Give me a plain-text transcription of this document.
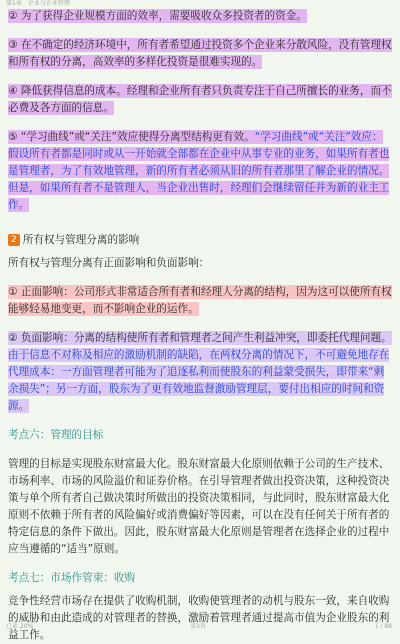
第1章　企业与企业管理

② 为了获得企业规模方面的效率，需要吸收众多投资者的资金。

③ 在不确定的经济环境中，所有者希望通过投资多个企业来分散风险，没有管理权和所有权的分离，高效率的多样化投资是很难实现的。

④ 降低获得信息的成本。经理和企业所有者只负责专注于自己所擅长的业务，而不必费及各方面的信息。

⑤ “学习曲线”或“关注”效应使得分离型结构更有效。“学习曲线”或“关注”效应：假设所有者都是同时或从一开始就全部都在企业中从事专业的业务，如果所有者也是管理者，为了有效地管理，新的所有者必须从旧的所有者那里了解企业的情况。但是，如果所有者不是管理人，当企业出售时，经理们会继续留任并为新的业主工作。

2 所有权与管理分离的影响

所有权与管理分离有正面影响和负面影响：

① 正面影响：公司形式非常适合所有者和经理人分离的结构，因为这可以使所有权能够轻易地变更，而不影响企业的运作。

② 负面影响：分离的结构使所有者和管理者之间产生利益冲突，即委托代理问题。由于信息不对称及相应的激励机制的缺陷，在两权分离的情况下，不可避免地存在代理成本：一方面管理者可能为了追逐私利而使股东的利益蒙受损失，即带来“剩余损失”；另一方面，股东为了更有效地监督激励管理层，要付出相应的时间和资源。

考点六：管理的目标

管理的目标是实现股东财富最大化。股东财富最大化原则依赖于公司的生产技术、市场利率、市场的风险溢价和证券价格。在引导管理者做出投资决策，这种投资决策与单个所有者自己做决策时所做出的投资决策相同，与此同时，股东财富最大化原则不依赖于所有者的风险偏好或消费偏好等因素，可以在没有任何关于所有者的特定信息的条件下做出。因此，股东财富最大化原则是管理者在选择企业的过程中应当遵循的“适当”原则。

考点七：市场作管束：收购

竞争性经营市场存在提供了收购机制，收购使管理者的动机与股东一致，来自收购的威胁和由此造成的对管理者的替换，激励着管理者通过提高市值为企业股东的利益工作。

已读 20%	第3页	1 / 88
